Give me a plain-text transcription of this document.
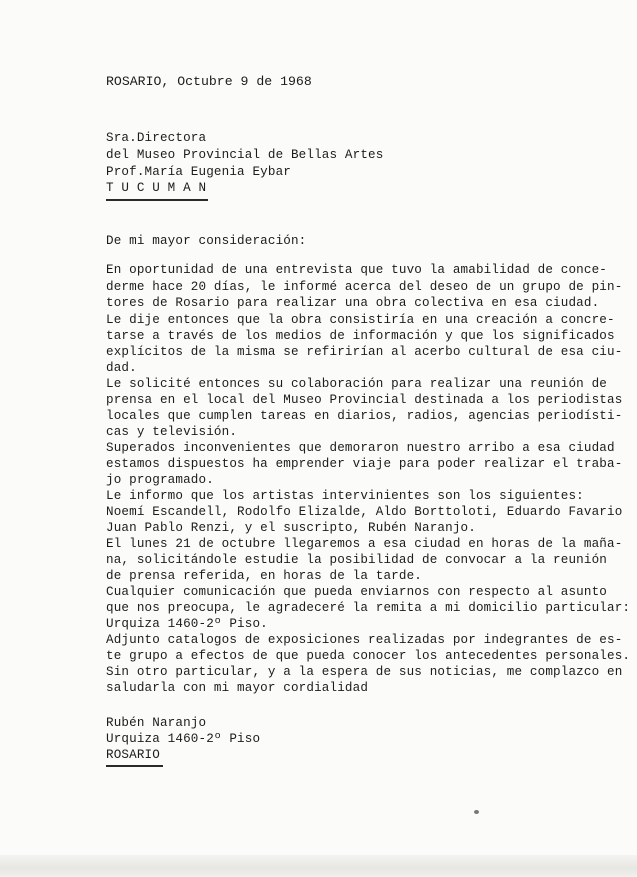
ROSARIO, Octubre 9 de 1968
Sra.Directora
del Museo Provincial de Bellas Artes
Prof.María Eugenia Eybar
T U C U M A N
De mi mayor consideración:
En oportunidad de una entrevista que tuvo la amabilidad de conce-
derme hace 20 días, le informé acerca del deseo de un grupo de pin-
tores de Rosario para realizar una obra colectiva en esa ciudad.
Le dije entonces que la obra consistiría en una creación a concre-
tarse a través de los medios de información y que los significados
explícitos de la misma se refirirían al acerbo cultural de esa ciu-
dad.
Le solicité entonces su colaboración para realizar una reunión de
prensa en el local del Museo Provincial destinada a los periodistas
locales que cumplen tareas en diarios, radios, agencias periodísti-
cas y televisión.
Superados inconvenientes que demoraron nuestro arribo a esa ciudad
estamos dispuestos ha emprender viaje para poder realizar el traba-
jo programado.
Le informo que los artistas intervinientes son los siguientes:
Noemí Escandell, Rodolfo Elizalde, Aldo Borttoloti, Eduardo Favario
Juan Pablo Renzi, y el suscripto, Rubén Naranjo.
El lunes 21 de octubre llegaremos a esa ciudad en horas de la maña-
na, solicitándole estudie la posibilidad de convocar a la reunión
de prensa referida, en horas de la tarde.
Cualquier comunicación que pueda enviarnos con respecto al asunto
que nos preocupa, le agradeceré la remita a mi domicilio particular:
Urquiza 1460-2º Piso.
Adjunto catalogos de exposiciones realizadas por indegrantes de es-
te grupo a efectos de que pueda conocer los antecedentes personales.
Sin otro particular, y a la espera de sus noticias, me complazco en
saludarla con mi mayor cordialidad
Rubén Naranjo
Urquiza 1460-2º Piso
ROSARIO
